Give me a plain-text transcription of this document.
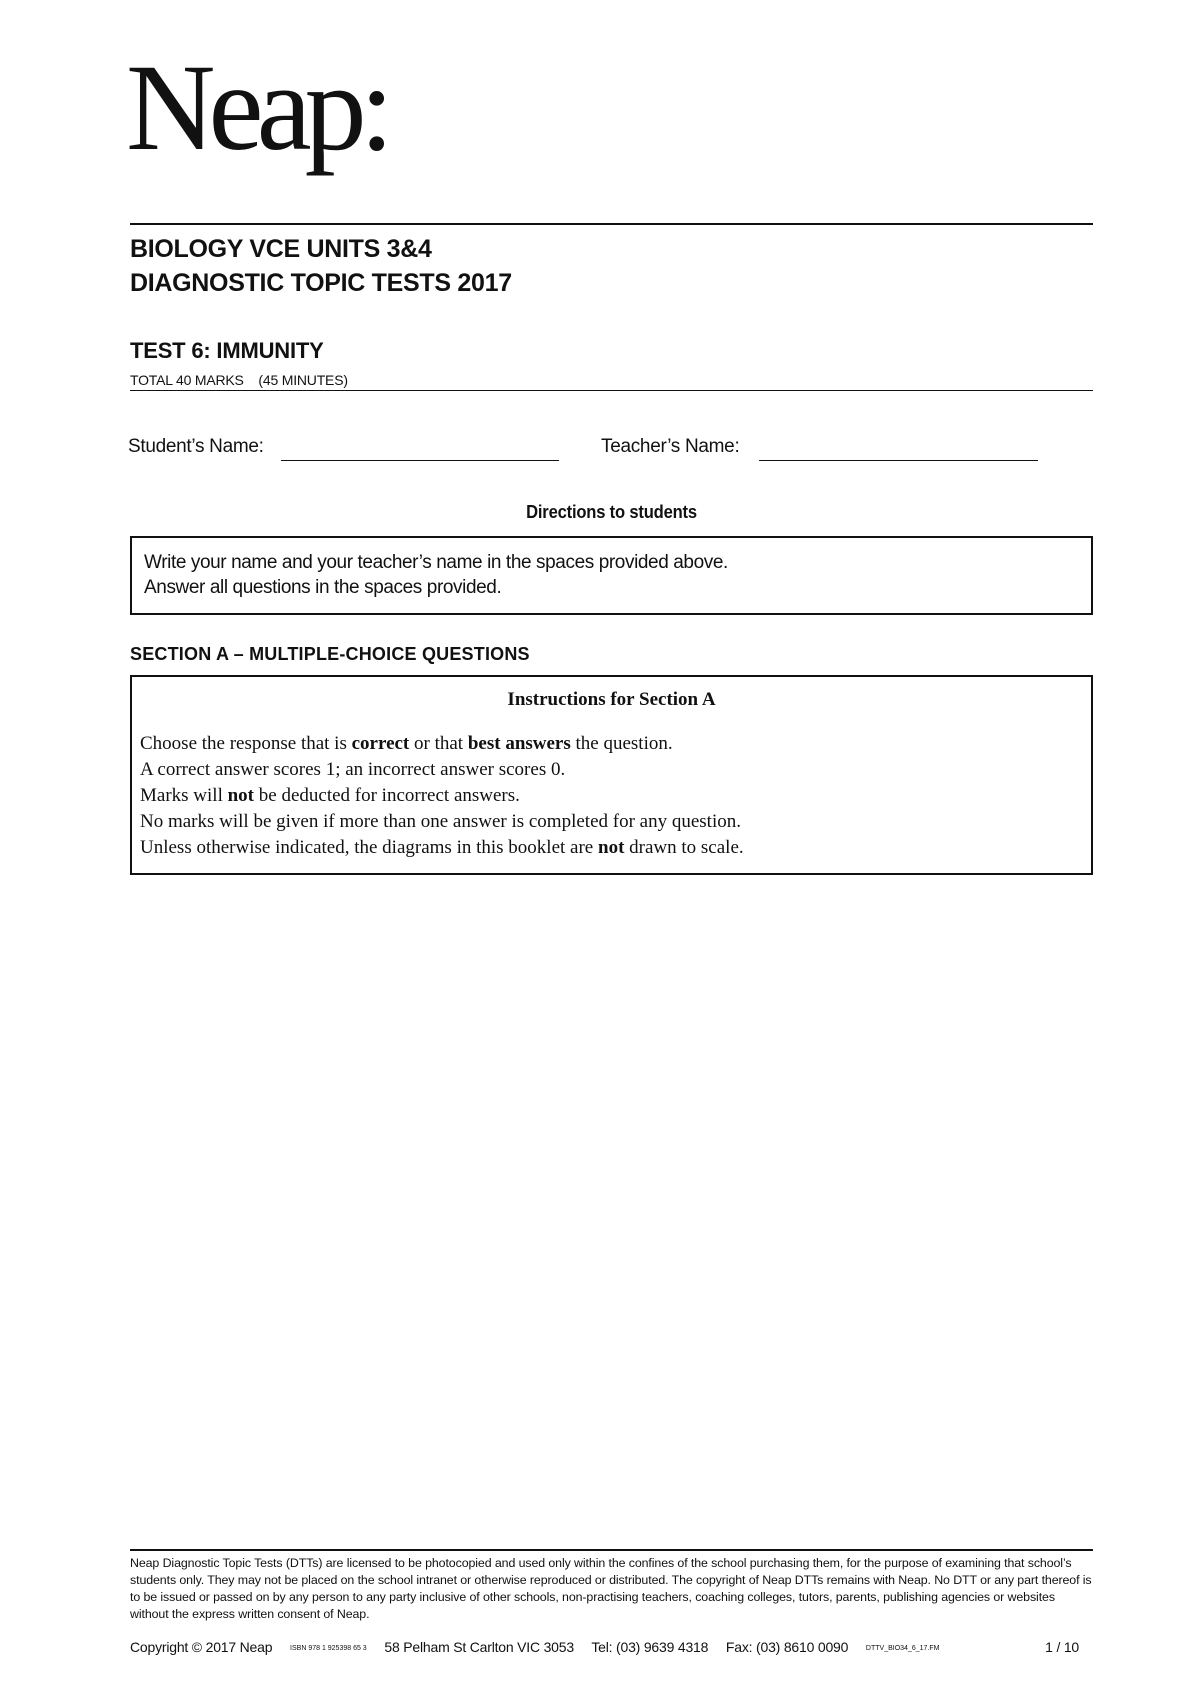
Neap:
BIOLOGY VCE UNITS 3&4
DIAGNOSTIC TOPIC TESTS 2017
TEST 6: IMMUNITY
TOTAL 40 MARKS    (45 MINUTES)
Student’s Name:	Teacher’s Name:
Directions to students
Write your name and your teacher’s name in the spaces provided above.
Answer all questions in the spaces provided.
SECTION A – MULTIPLE-CHOICE QUESTIONS
Instructions for Section A
Choose the response that is correct or that best answers the question.
A correct answer scores 1; an incorrect answer scores 0.
Marks will not be deducted for incorrect answers.
No marks will be given if more than one answer is completed for any question.
Unless otherwise indicated, the diagrams in this booklet are not drawn to scale.
Neap Diagnostic Topic Tests (DTTs) are licensed to be photocopied and used only within the confines of the school purchasing them, for the purpose of examining that school’s students only. They may not be placed on the school intranet or otherwise reproduced or distributed. The copyright of Neap DTTs remains with Neap. No DTT or any part thereof is to be issued or passed on by any person to any party inclusive of other schools, non-practising teachers, coaching colleges, tutors, parents, publishing agencies or websites without the express written consent of Neap.
Copyright © 2017 Neap	ISBN 978 1 925398 65 3 58 Pelham St Carlton VIC 3053 Tel: (03) 9639 4318 Fax: (03) 8610 0090	DTTV_BIO34_6_17.FM	1 / 10
